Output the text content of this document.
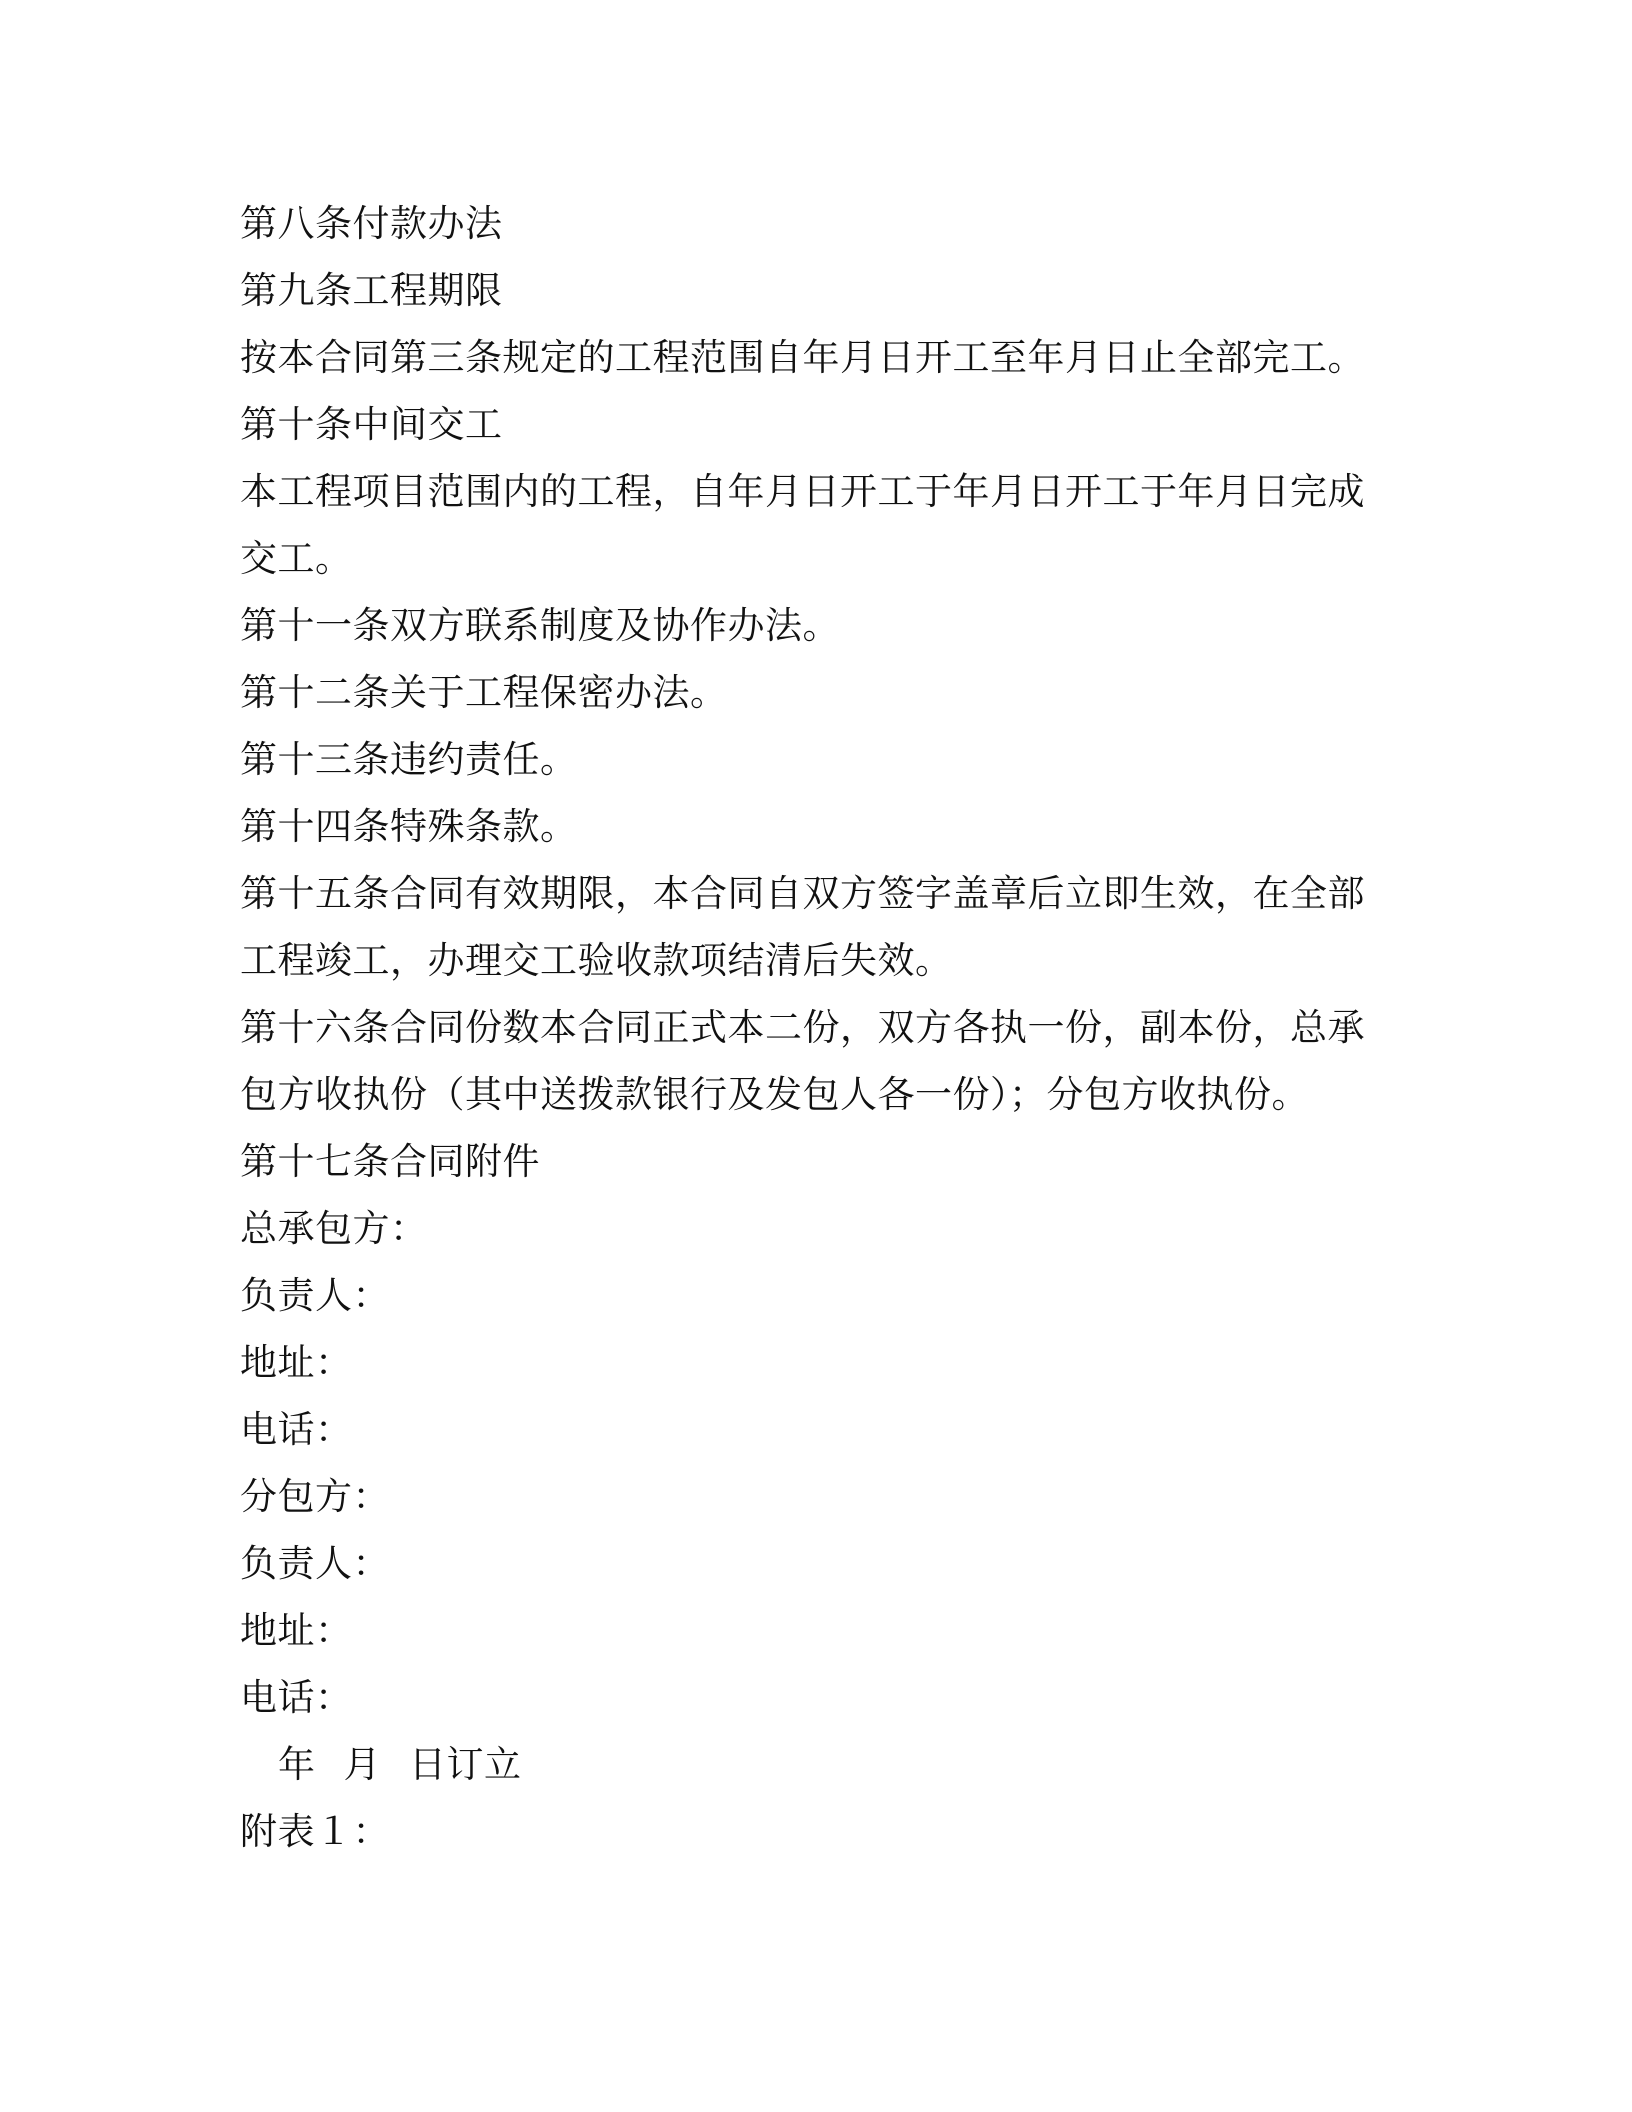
第八条付款办法
第九条工程期限
按本合同第三条规定的工程范围自年月日开工至年月日止全部完工。
第十条中间交工
本工程项目范围内的工程，自年月日开工于年月日开工于年月日完成交工。
第十一条双方联系制度及协作办法。
第十二条关于工程保密办法。
第十三条违约责任。
第十四条特殊条款。
第十五条合同有效期限，本合同自双方签字盖章后立即生效，在全部工程竣工，办理交工验收款项结清后失效。
第十六条合同份数本合同正式本二份，双方各执一份，副本份，总承包方收执份（其中送拨款银行及发包人各一份）；分包方收执份。
第十七条合同附件
总承包方：
负责人：
地址：
电话：
分包方：
负责人：
地址：
电话：
年 月 日订立
附表１：
